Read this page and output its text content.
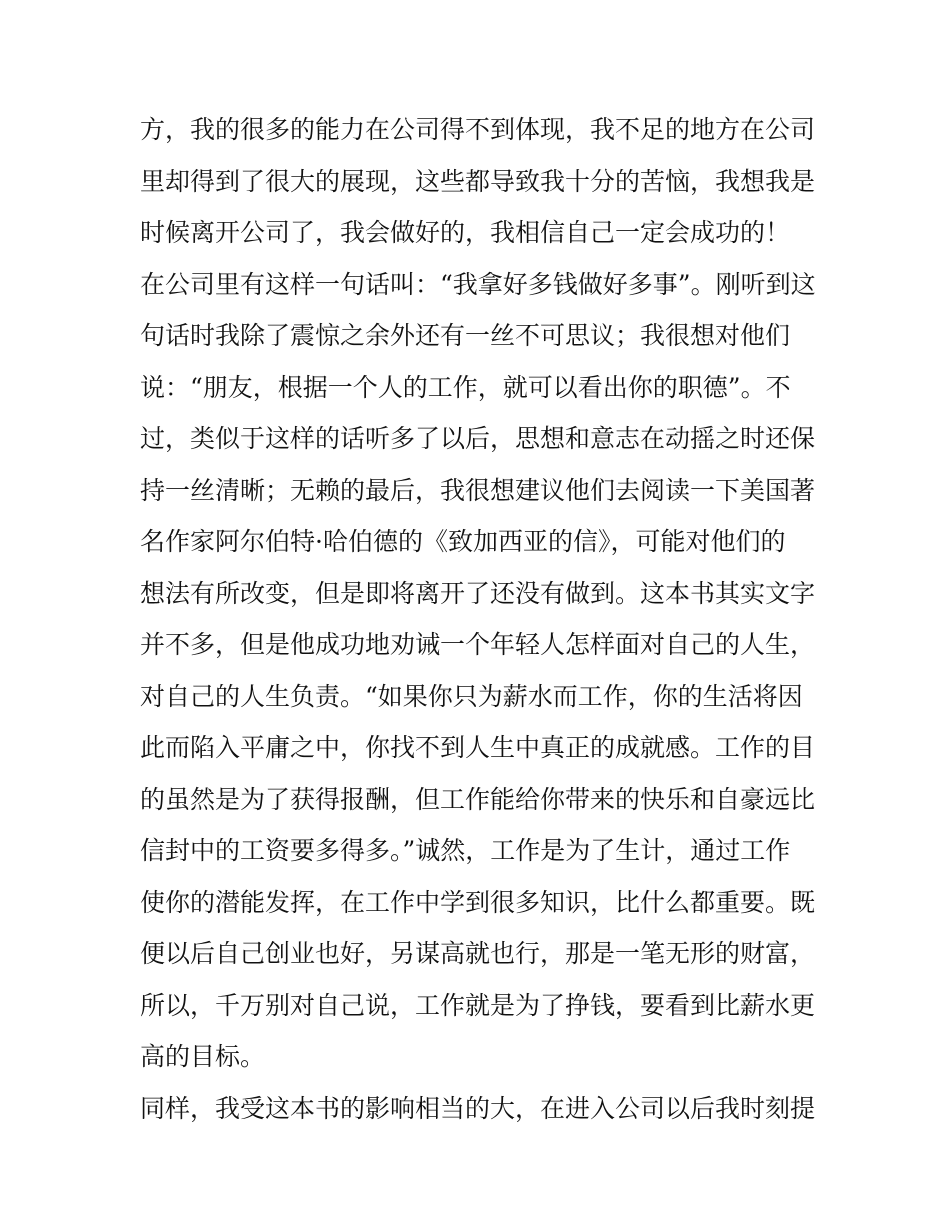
方，我的很多的能力在公司得不到体现，我不足的地方在公司
里却得到了很大的展现，这些都导致我十分的苦恼，我想我是
时候离开公司了，我会做好的，我相信自己一定会成功的！
在公司里有这样一句话叫：“我拿好多钱做好多事”。刚听到这
句话时我除了震惊之余外还有一丝不可思议；我很想对他们
说：“朋友，根据一个人的工作，就可以看出你的职德”。不
过，类似于这样的话听多了以后，思想和意志在动摇之时还保
持一丝清晰；无赖的最后，我很想建议他们去阅读一下美国著
名作家阿尔伯特·哈伯德的《致加西亚的信》，可能对他们的
想法有所改变，但是即将离开了还没有做到。这本书其实文字
并不多，但是他成功地劝诫一个年轻人怎样面对自己的人生，
对自己的人生负责。“如果你只为薪水而工作，你的生活将因
此而陷入平庸之中，你找不到人生中真正的成就感。工作的目
的虽然是为了获得报酬，但工作能给你带来的快乐和自豪远比
信封中的工资要多得多。”诚然，工作是为了生计，通过工作
使你的潜能发挥，在工作中学到很多知识，比什么都重要。既
便以后自己创业也好，另谋高就也行，那是一笔无形的财富，
所以，千万别对自己说，工作就是为了挣钱，要看到比薪水更
高的目标。
同样，我受这本书的影响相当的大，在进入公司以后我时刻提
